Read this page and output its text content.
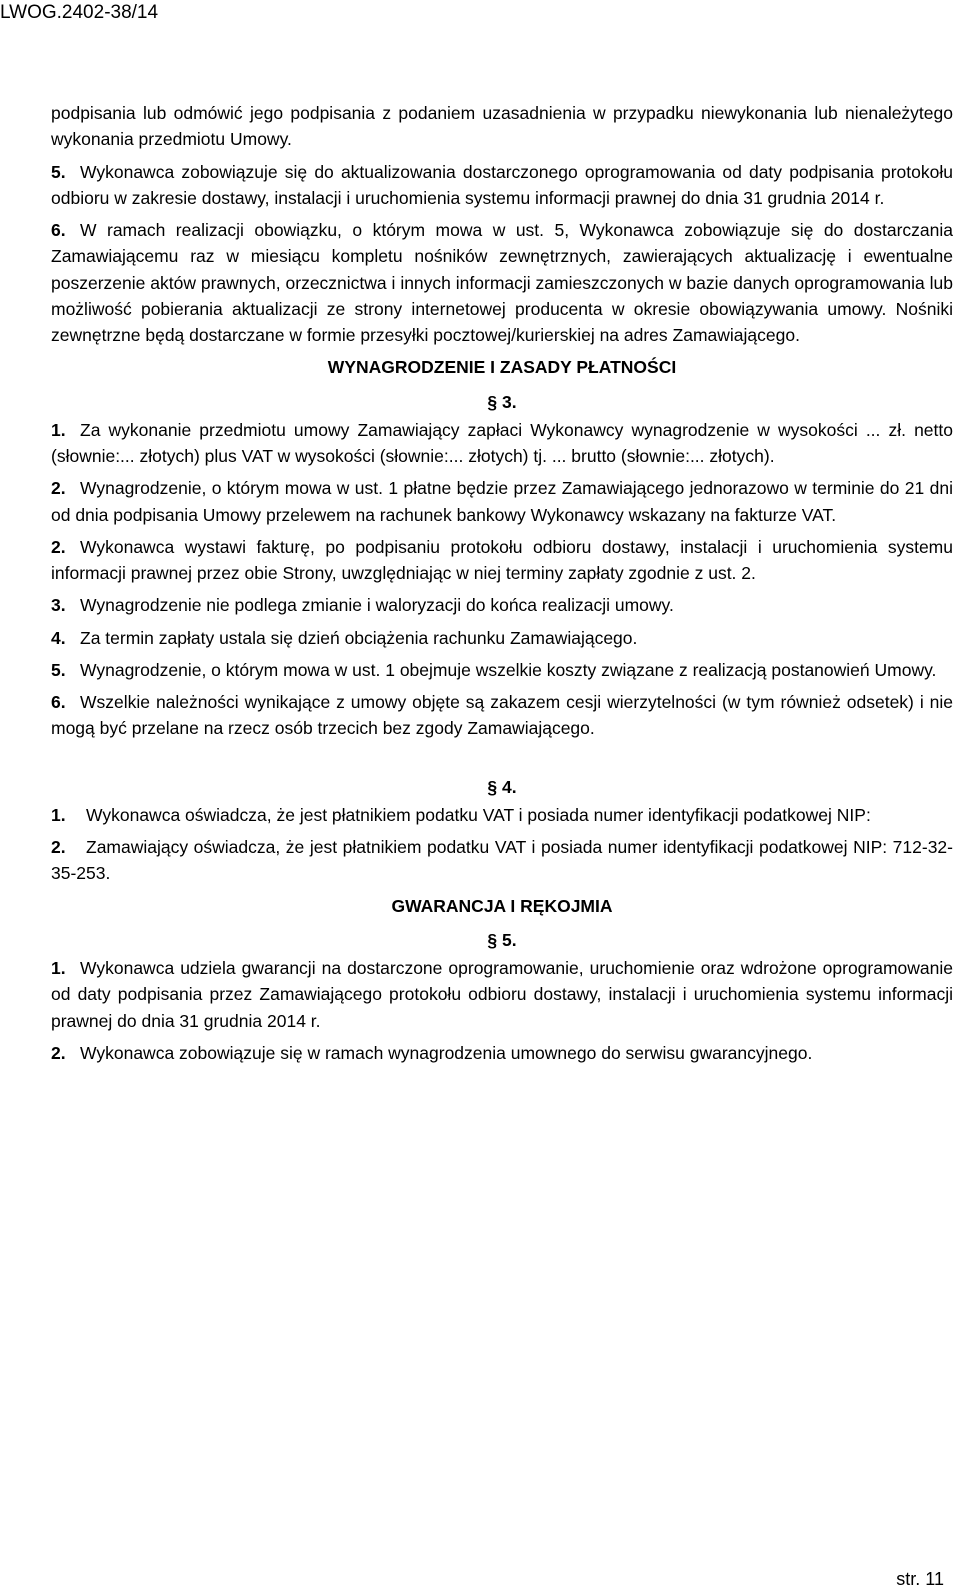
LWOG.2402-38/14

podpisania lub odmówić jego podpisania z podaniem uzasadnienia w przypadku niewykonania lub nienależytego wykonania przedmiotu Umowy.

5. Wykonawca zobowiązuje się do aktualizowania dostarczonego oprogramowania od daty podpisania protokołu odbioru w zakresie dostawy, instalacji i uruchomienia systemu informacji prawnej do dnia 31 grudnia 2014 r.

6. W ramach realizacji obowiązku, o którym mowa w ust. 5, Wykonawca zobowiązuje się do dostarczania Zamawiającemu raz w miesiącu kompletu nośników zewnętrznych, zawierających aktualizację i ewentualne poszerzenie aktów prawnych, orzecznictwa i innych informacji zamieszczonych w bazie danych oprogramowania lub możliwość pobierania aktualizacji ze strony internetowej producenta w okresie obowiązywania umowy. Nośniki zewnętrzne będą dostarczane w formie przesyłki pocztowej/kurierskiej na adres Zamawiającego.

WYNAGRODZENIE I ZASADY PŁATNOŚCI
§ 3.

1. Za wykonanie przedmiotu umowy Zamawiający zapłaci Wykonawcy wynagrodzenie w wysokości ... zł. netto (słownie:... złotych) plus VAT w wysokości (słownie:... złotych) tj. ... brutto (słownie:... złotych).

2. Wynagrodzenie, o którym mowa w ust. 1 płatne będzie przez Zamawiającego jednorazowo w terminie do 21 dni od dnia podpisania Umowy przelewem na rachunek bankowy Wykonawcy wskazany na fakturze VAT.

2. Wykonawca wystawi fakturę, po podpisaniu protokołu odbioru dostawy, instalacji i uruchomienia systemu informacji prawnej przez obie Strony, uwzględniając w niej terminy zapłaty zgodnie z ust. 2.

3. Wynagrodzenie nie podlega zmianie i waloryzacji do końca realizacji umowy.

4. Za termin zapłaty ustala się dzień obciążenia rachunku Zamawiającego.

5. Wynagrodzenie, o którym mowa w ust. 1 obejmuje wszelkie koszty związane z realizacją postanowień Umowy.

6. Wszelkie należności wynikające z umowy objęte są zakazem cesji wierzytelności (w tym również odsetek) i nie mogą być przelane na rzecz osób trzecich bez zgody Zamawiającego.

§ 4.

1. Wykonawca oświadcza, że jest płatnikiem podatku VAT i posiada numer identyfikacji podatkowej NIP:

2. Zamawiający oświadcza, że jest płatnikiem podatku VAT i posiada numer identyfikacji podatkowej NIP: 712-32-35-253.

GWARANCJA I RĘKOJMIA
§ 5.

1. Wykonawca udziela gwarancji na dostarczone oprogramowanie, uruchomienie oraz wdrożone oprogramowanie od daty podpisania przez Zamawiającego protokołu odbioru dostawy, instalacji i uruchomienia systemu informacji prawnej do dnia 31 grudnia 2014 r.

2. Wykonawca zobowiązuje się w ramach wynagrodzenia umownego do serwisu gwarancyjnego.

str. 11
